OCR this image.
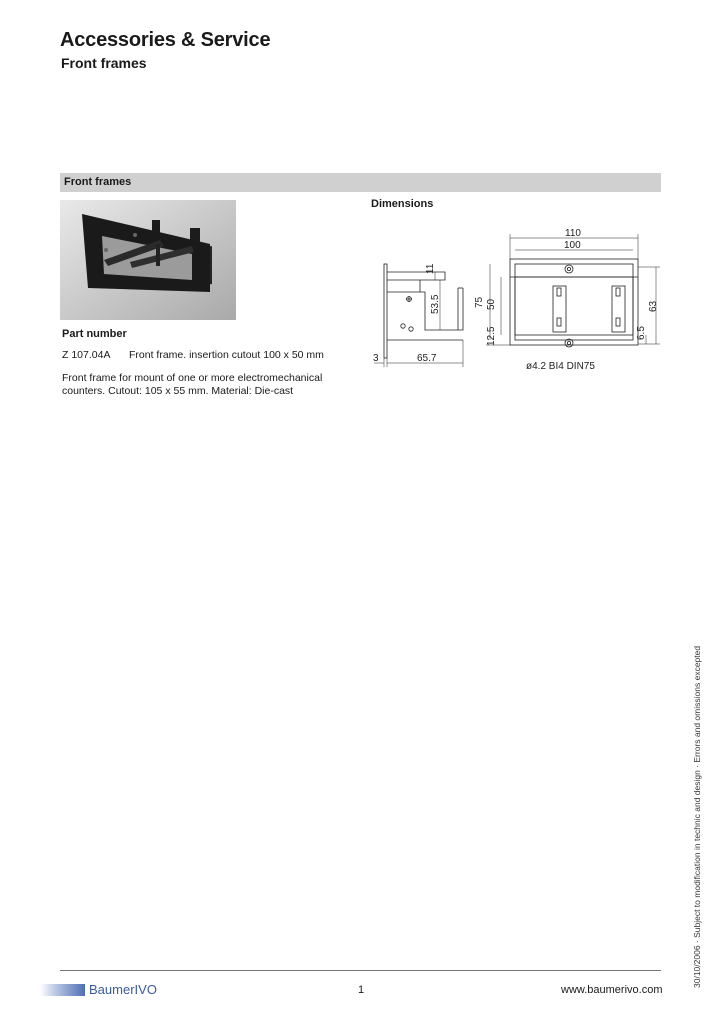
Accessories & Service
Front frames
Front frames
Dimensions
110
100
3	65.7
ø4.2 BI4 DIN75
11
53.5	75 50
12.5
63
6.5
Part number
Z 107.04A Front frame. insertion cutout 100 x 50 mm
Front frame for mount of one or more electromechanical counters. Cutout: 105 x 55 mm. Material: Die-cast
BaumerIVO	1	www.baumerivo.com
30/10/2006 · Subject to modification in technic and design · Errors and omissions excepted
